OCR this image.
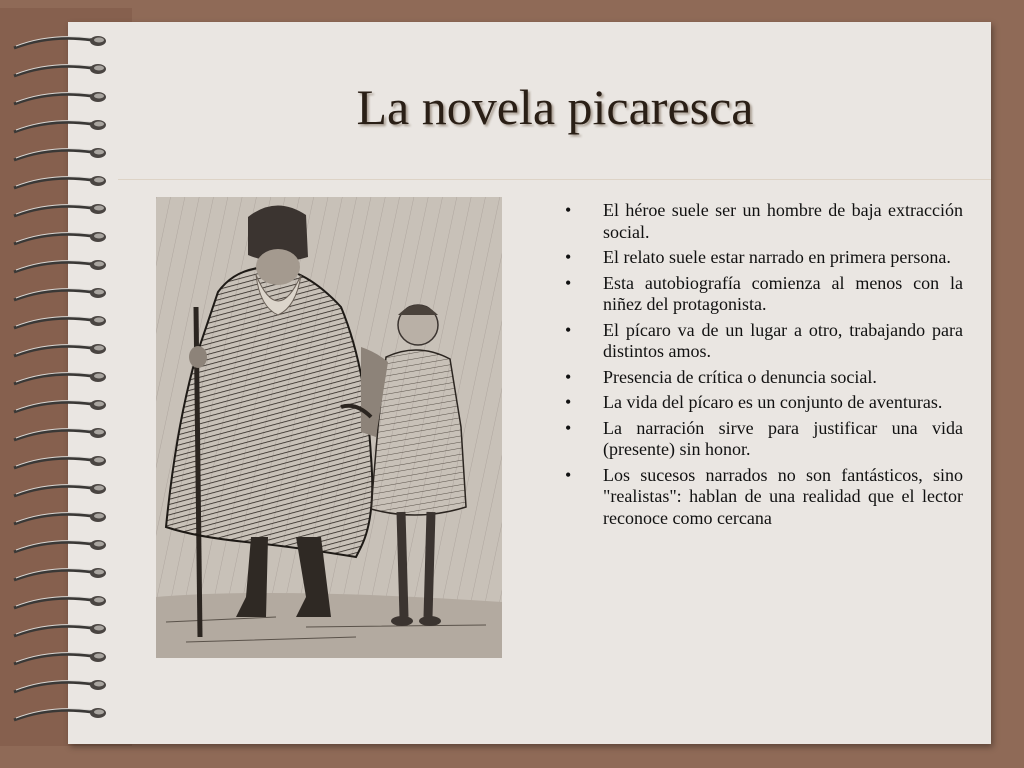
La novela picaresca
• El héroe suele ser un hombre de baja extracción social.
• El relato suele estar narrado en primera persona.
• Esta autobiografía comienza al menos con la niñez del protagonista.
• El pícaro va de un lugar a otro, trabajando para distintos amos.
• Presencia de crítica o denuncia social.
• La vida del pícaro es un conjunto de aventuras.
• La narración sirve para justificar una vida (presente) sin honor.
• Los sucesos narrados no son fantásticos, sino "realistas": hablan de una realidad que el lector reconoce como cercana
